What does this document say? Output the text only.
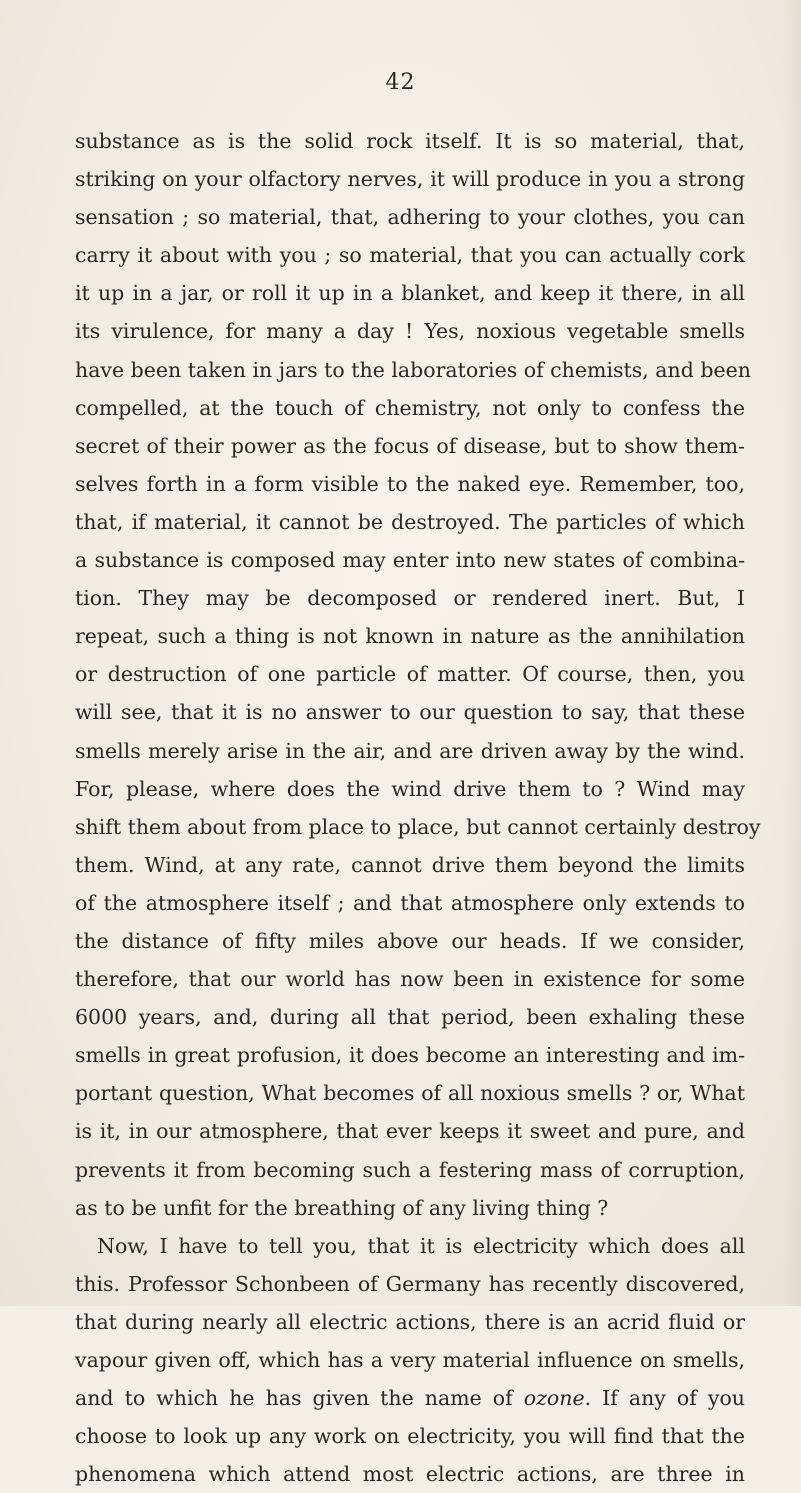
42
substance as is the solid rock itself. It is so material, that,
striking on your olfactory nerves, it will produce in you a strong
sensation ; so material, that, adhering to your clothes, you can
carry it about with you ; so material, that you can actually cork
it up in a jar, or roll it up in a blanket, and keep it there, in all
its virulence, for many a day ! Yes, noxious vegetable smells
have been taken in jars to the laboratories of chemists, and been
compelled, at the touch of chemistry, not only to confess the
secret of their power as the focus of disease, but to show them-
selves forth in a form visible to the naked eye. Remember, too,
that, if material, it cannot be destroyed. The particles of which
a substance is composed may enter into new states of combina-
tion. They may be decomposed or rendered inert. But, I
repeat, such a thing is not known in nature as the annihilation
or destruction of one particle of matter. Of course, then, you
will see, that it is no answer to our question to say, that these
smells merely arise in the air, and are driven away by the wind.
For, please, where does the wind drive them to ? Wind may
shift them about from place to place, but cannot certainly destroy
them. Wind, at any rate, cannot drive them beyond the limits
of the atmosphere itself ; and that atmosphere only extends to
the distance of fifty miles above our heads. If we consider,
therefore, that our world has now been in existence for some
6000 years, and, during all that period, been exhaling these
smells in great profusion, it does become an interesting and im-
portant question, What becomes of all noxious smells ? or, What
is it, in our atmosphere, that ever keeps it sweet and pure, and
prevents it from becoming such a festering mass of corruption,
as to be unfit for the breathing of any living thing ?
Now, I have to tell you, that it is electricity which does all
this. Professor Schonbeen of Germany has recently discovered,
that during nearly all electric actions, there is an acrid fluid or
vapour given off, which has a very material influence on smells,
and to which he has given the name of ozone. If any of you
choose to look up any work on electricity, you will find that the
phenomena which attend most electric actions, are three in
